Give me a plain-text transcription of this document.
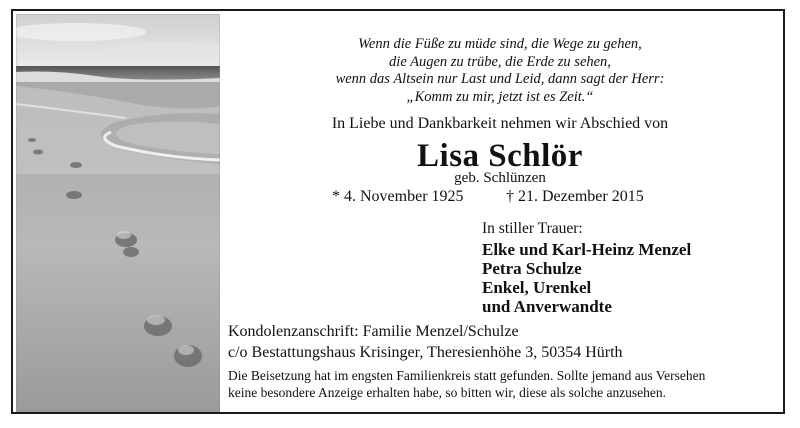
Wenn die Füße zu müde sind, die Wege zu gehen,
die Augen zu trübe, die Erde zu sehen,
wenn das Altsein nur Last und Leid, dann sagt der Herr:
„Komm zu mir, jetzt ist es Zeit.“
In Liebe und Dankbarkeit nehmen wir Abschied von
Lisa Schlör
geb. Schlünzen
* 4. November 1925	† 21. Dezember 2015
In stiller Trauer:
Elke und Karl-Heinz Menzel
Petra Schulze
Enkel, Urenkel
und Anverwandte
Kondolenzanschrift: Familie Menzel/Schulze
c/o Bestattungshaus Krisinger, Theresienhöhe 3, 50354 Hürth
Die Beisetzung hat im engsten Familienkreis statt gefunden. Sollte jemand aus Versehen
keine besondere Anzeige erhalten habe, so bitten wir, diese als solche anzusehen.
